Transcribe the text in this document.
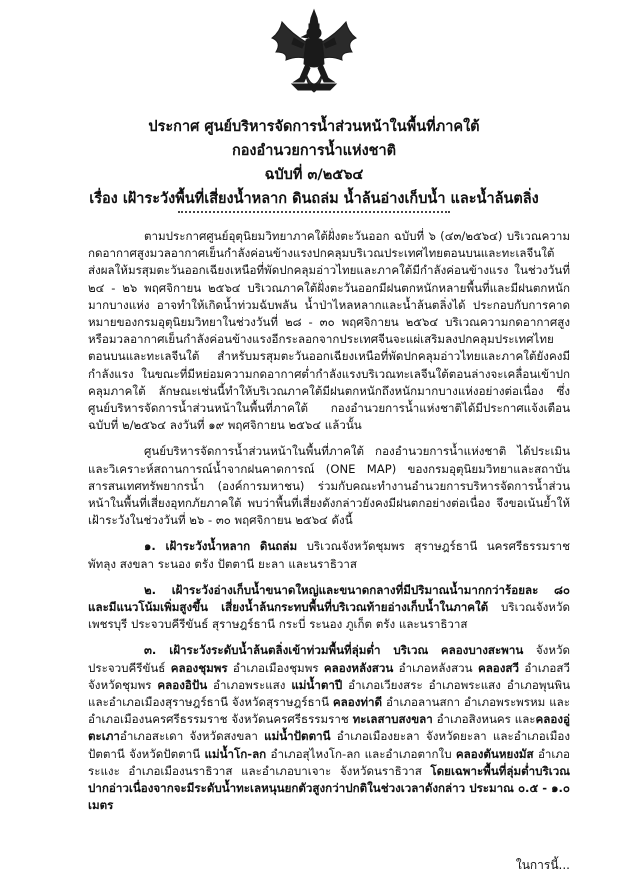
ประกาศ ศูนย์บริหารจัดการน้ำส่วนหน้าในพื้นที่ภาคใต้
กองอำนวยการน้ำแห่งชาติ
ฉบับที่ ๓/๒๕๖๔
เรื่อง เฝ้าระวังพื้นที่เสี่ยงน้ำหลาก ดินถล่ม น้ำล้นอ่างเก็บน้ำ และน้ำล้นตลิ่ง

ตามประกาศศูนย์อุตุนิยมวิทยาภาคใต้ฝั่งตะวันออก ฉบับที่ ๖ (๔๓/๒๕๖๔) บริเวณความกดอากาศสูงมวลอากาศเย็นกำลังค่อนข้างแรงปกคลุมบริเวณประเทศไทยตอนบนและทะเลจีนใต้ ส่งผลให้มรสุมตะวันออกเฉียงเหนือที่พัดปกคลุมอ่าวไทยและภาคใต้มีกำลังค่อนข้างแรง ในช่วงวันที่ ๒๔ - ๒๖ พฤศจิกายน ๒๕๖๔ บริเวณภาคใต้ฝั่งตะวันออกมีฝนตกหนักหลายพื้นที่และมีฝนตกหนักมากบางแห่ง อาจทำให้เกิดน้ำท่วมฉับพลัน น้ำป่าไหลหลากและน้ำล้นตลิ่งได้ ประกอบกับการคาดหมายของกรมอุตุนิยมวิทยาในช่วงวันที่ ๒๘ - ๓๐ พฤศจิกายน ๒๕๖๔ บริเวณความกดอากาศสูงหรือมวลอากาศเย็นกำลังค่อนข้างแรงอีกระลอกจากประเทศจีนจะแผ่เสริมลงปกคลุมประเทศไทยตอนบนและทะเลจีนใต้ สำหรับมรสุมตะวันออกเฉียงเหนือที่พัดปกคลุมอ่าวไทยและภาคใต้ยังคงมีกำลังแรง ในขณะที่มีหย่อมความกดอากาศต่ำกำลังแรงบริเวณทะเลจีนใต้ตอนล่างจะเคลื่อนเข้าปกคลุมภาคใต้ ลักษณะเช่นนี้ทำให้บริเวณภาคใต้มีฝนตกหนักถึงหนักมากบางแห่งอย่างต่อเนื่อง ซึ่งศูนย์บริหารจัดการน้ำส่วนหน้าในพื้นที่ภาคใต้ กองอำนวยการน้ำแห่งชาติได้มีประกาศแจ้งเตือนฉบับที่ ๒/๒๕๖๔ ลงวันที่ ๑๙ พฤศจิกายน ๒๕๖๔ แล้วนั้น

ศูนย์บริหารจัดการน้ำส่วนหน้าในพื้นที่ภาคใต้ กองอำนวยการน้ำแห่งชาติ ได้ประเมินและวิเคราะห์สถานการณ์น้ำจากฝนคาดการณ์ (ONE MAP) ของกรมอุตุนิยมวิทยาและสถาบันสารสนเทศทรัพยากรน้ำ (องค์การมหาชน) ร่วมกับคณะทำงานอำนวยการบริหารจัดการน้ำส่วนหน้าในพื้นที่เสี่ยงอุทกภัยภาคใต้ พบว่าพื้นที่เสี่ยงดังกล่าวยังคงมีฝนตกอย่างต่อเนื่อง จึงขอเน้นย้ำให้เฝ้าระวังในช่วงวันที่ ๒๖ - ๓๐ พฤศจิกายน ๒๕๖๔ ดังนี้

๑. เฝ้าระวังน้ำหลาก ดินถล่ม บริเวณจังหวัดชุมพร สุราษฎร์ธานี นครศรีธรรมราช พัทลุง สงขลา ระนอง ตรัง ปัตตานี ยะลา และนราธิวาส

๒. เฝ้าระวังอ่างเก็บน้ำขนาดใหญ่และขนาดกลางที่มีปริมาณน้ำมากกว่าร้อยละ ๘๐ และมีแนวโน้มเพิ่มสูงขึ้น เสี่ยงน้ำล้นกระทบพื้นที่บริเวณท้ายอ่างเก็บน้ำในภาคใต้ บริเวณจังหวัดเพชรบุรี ประจวบคีรีขันธ์ สุราษฎร์ธานี กระบี่ ระนอง ภูเก็ต ตรัง และนราธิวาส

๓. เฝ้าระวังระดับน้ำล้นตลิ่งเข้าท่วมพื้นที่ลุ่มต่ำ บริเวณ คลองบางสะพาน จังหวัดประจวบคีรีขันธ์ คลองชุมพร อำเภอเมืองชุมพร คลองหลังสวน อำเภอหลังสวน คลองสวี อำเภอสวี จังหวัดชุมพร คลองอิปัน อำเภอพระแสง แม่น้ำตาปี อำเภอเวียงสระ อำเภอพระแสง อำเภอพุนพิน และอำเภอเมืองสุราษฎร์ธานี จังหวัดสุราษฎร์ธานี คลองท่าดี อำเภอลานสกา อำเภอพระพรหม และอำเภอเมืองนครศรีธรรมราช จังหวัดนครศรีธรรมราช ทะเลสาบสงขลา อำเภอสิงหนคร และคลองอู่ตะเภาอำเภอสะเดา จังหวัดสงขลา แม่น้ำปัตตานี อำเภอเมืองยะลา จังหวัดยะลา และอำเภอเมืองปัตตานี จังหวัดปัตตานี แม่น้ำโก-ลก อำเภอสุไหงโก-ลก และอำเภอตากใบ คลองตันหยงมัส อำเภอระแงะ อำเภอเมืองนราธิวาส และอำเภอบาเจาะ จังหวัดนราธิวาส โดยเฉพาะพื้นที่ลุ่มต่ำบริเวณปากอ่าวเนื่องจากจะมีระดับน้ำทะเลหนุนยกตัวสูงกว่าปกติในช่วงเวลาดังกล่าว ประมาณ ๐.๕ - ๑.๐ เมตร

ในการนี้...
